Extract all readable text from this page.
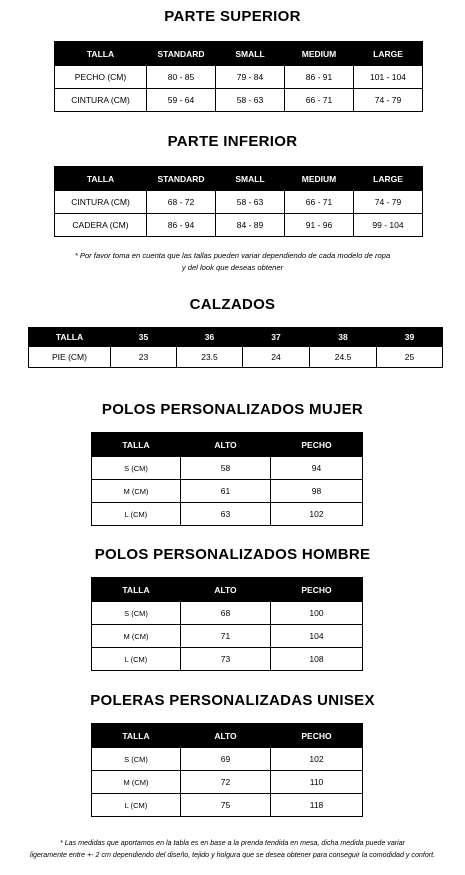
PARTE SUPERIOR
TALLA	STANDARD	SMALL	MEDIUM	LARGE
PECHO (CM)	80 - 85	79 - 84	86 - 91	101 - 104
CINTURA (CM)	59 - 64	58 - 63	66 - 71	74 - 79
PARTE INFERIOR
TALLA	STANDARD	SMALL	MEDIUM	LARGE
CINTURA (CM)	68 - 72	58 - 63	66 - 71	74 - 79
CADERA (CM)	86 - 94	84 - 89	91 - 96	99 - 104
* Por favor toma en cuenta que las tallas pueden variar dependiendo de cada modelo de ropa
y del look que deseas obtener
CALZADOS
TALLA	35	36	37	38	39
PIE (CM)	23	23.5	24	24.5	25
POLOS PERSONALIZADOS MUJER
TALLA	ALTO	PECHO
S (CM)	58	94
M (CM)	61	98
L (CM)	63	102
POLOS PERSONALIZADOS HOMBRE
TALLA	ALTO	PECHO
S (CM)	68	100
M (CM)	71	104
L (CM)	73	108
POLERAS PERSONALIZADAS UNISEX
TALLA	ALTO	PECHO
S (CM)	69	102
M (CM)	72	110
L (CM)	75	118
* Las medidas que aportamos en la tabla es en base a la prenda tendida en mesa, dicha medida puede variar
ligeramente entre +- 2 cm dependiendo del diseño, tejido y holgura que se desea obtener para conseguir la comodidad y confort.
